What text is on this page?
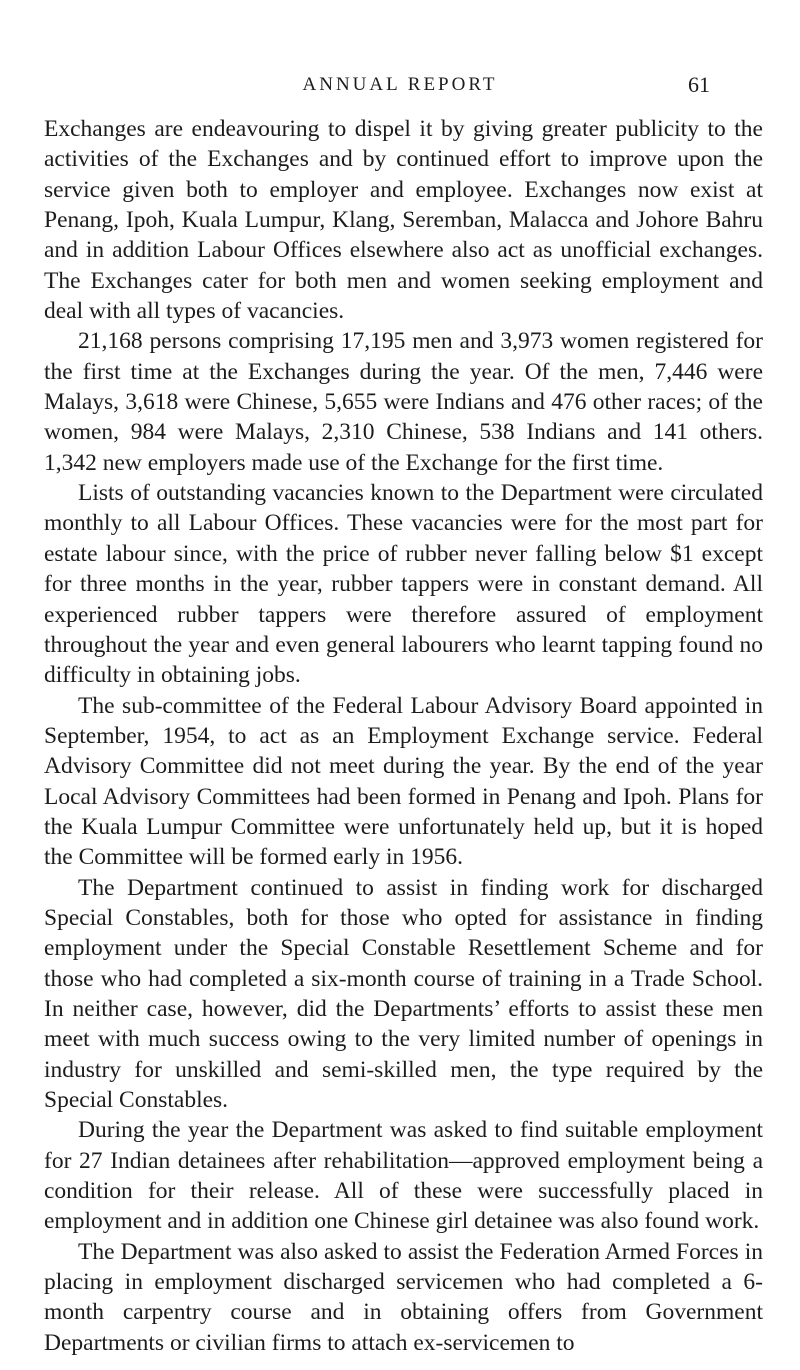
ANNUAL REPORT	61

Exchanges are endeavouring to dispel it by giving greater publicity to the activities of the Exchanges and by continued effort to improve upon the service given both to employer and employee. Exchanges now exist at Penang, Ipoh, Kuala Lumpur, Klang, Seremban, Malacca and Johore Bahru and in addition Labour Offices elsewhere also act as unofficial exchanges. The Exchanges cater for both men and women seeking employment and deal with all types of vacancies.

21,168 persons comprising 17,195 men and 3,973 women registered for the first time at the Exchanges during the year. Of the men, 7,446 were Malays, 3,618 were Chinese, 5,655 were Indians and 476 other races; of the women, 984 were Malays, 2,310 Chinese, 538 Indians and 141 others. 1,342 new employers made use of the Exchange for the first time.

Lists of outstanding vacancies known to the Department were circulated monthly to all Labour Offices. These vacancies were for the most part for estate labour since, with the price of rubber never falling below $1 except for three months in the year, rubber tappers were in constant demand. All experienced rubber tappers were therefore assured of employment throughout the year and even general labourers who learnt tapping found no difficulty in obtaining jobs.

The sub-committee of the Federal Labour Advisory Board appointed in September, 1954, to act as an Employment Exchange service. Federal Advisory Committee did not meet during the year. By the end of the year Local Advisory Committees had been formed in Penang and Ipoh. Plans for the Kuala Lumpur Committee were unfortunately held up, but it is hoped the Committee will be formed early in 1956.

The Department continued to assist in finding work for discharged Special Constables, both for those who opted for assistance in finding employment under the Special Constable Resettlement Scheme and for those who had completed a six-month course of training in a Trade School. In neither case, however, did the Departments’ efforts to assist these men meet with much success owing to the very limited number of openings in industry for unskilled and semi-skilled men, the type required by the Special Constables.

During the year the Department was asked to find suitable employment for 27 Indian detainees after rehabilitation—approved employment being a condition for their release. All of these were successfully placed in employment and in addition one Chinese girl detainee was also found work.

The Department was also asked to assist the Federation Armed Forces in placing in employment discharged servicemen who had completed a 6-month carpentry course and in obtaining offers from Government Departments or civilian firms to attach ex-servicemen to
